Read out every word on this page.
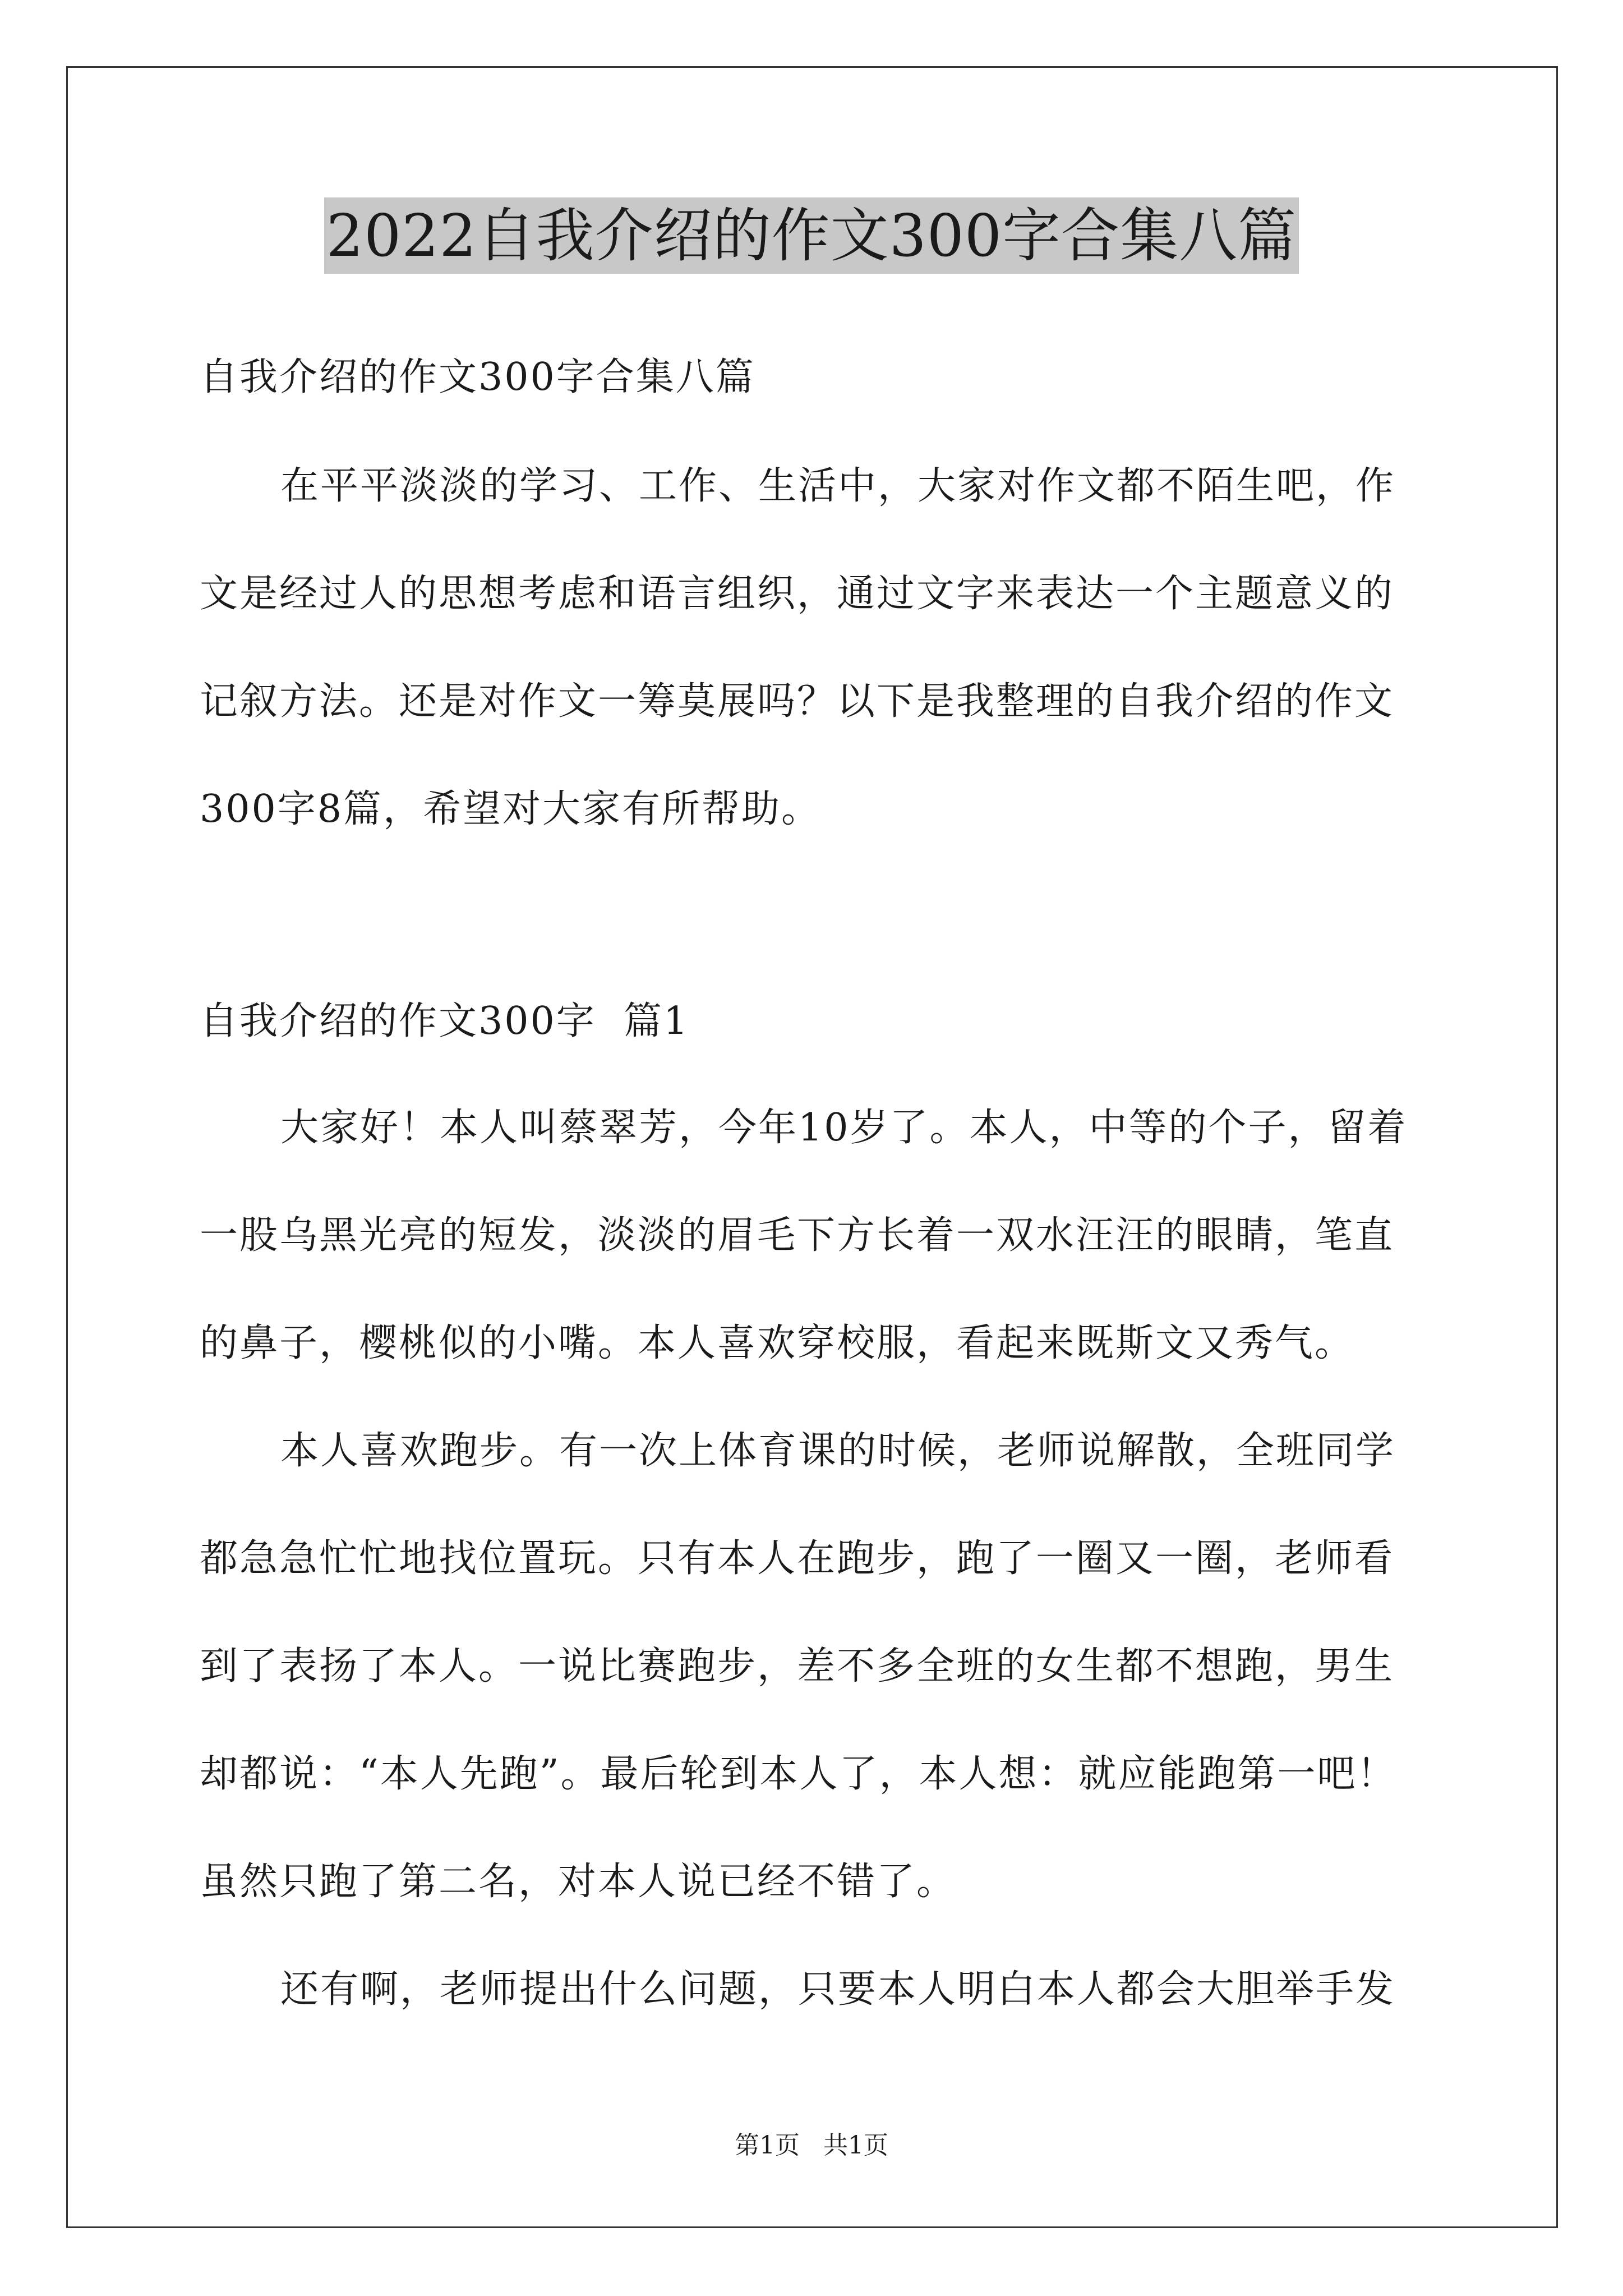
2022自我介绍的作文300字合集八篇
自我介绍的作文300字合集八篇
在平平淡淡的学习、工作、生活中，大家对作文都不陌生吧，作
文是经过人的思想考虑和语言组织，通过文字来表达一个主题意义的
记叙方法。还是对作文一筹莫展吗？以下是我整理的自我介绍的作文
300字8篇，希望对大家有所帮助。
自我介绍的作文300字  篇1
大家好！本人叫蔡翠芳，今年10岁了。本人，中等的个子，留着
一股乌黑光亮的短发，淡淡的眉毛下方长着一双水汪汪的眼睛，笔直
的鼻子，樱桃似的小嘴。本人喜欢穿校服，看起来既斯文又秀气。
本人喜欢跑步。有一次上体育课的时候，老师说解散，全班同学
都急急忙忙地找位置玩。只有本人在跑步，跑了一圈又一圈，老师看
到了表扬了本人。一说比赛跑步，差不多全班的女生都不想跑，男生
却都说：“本人先跑”。最后轮到本人了，本人想：就应能跑第一吧！
虽然只跑了第二名，对本人说已经不错了。
还有啊，老师提出什么问题，只要本人明白本人都会大胆举手发
第1页   共1页
